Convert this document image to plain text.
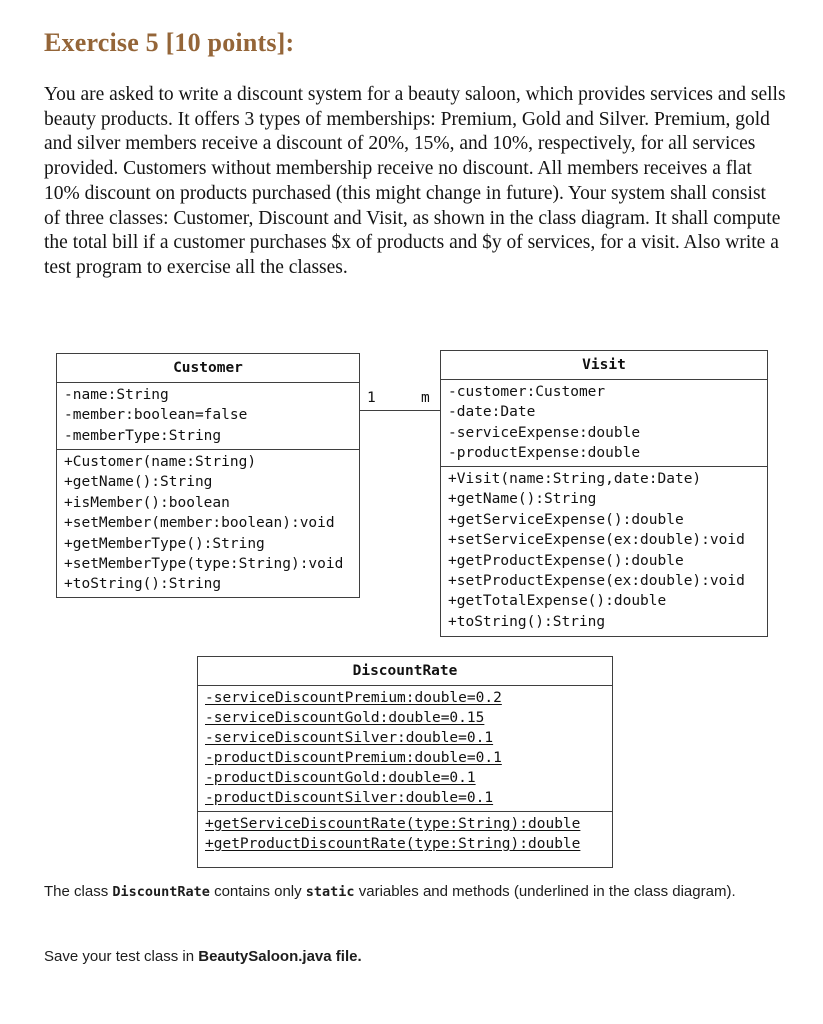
Exercise 5 [10 points]:
You are asked to write a discount system for a beauty saloon, which provides services and sells beauty products. It offers 3 types of memberships: Premium, Gold and Silver. Premium, gold and silver members receive a discount of 20%, 15%, and 10%, respectively, for all services provided. Customers without membership receive no discount. All members receives a flat 10% discount on products purchased (this might change in future). Your system shall consist of three classes: Customer, Discount and Visit, as shown in the class diagram. It shall compute the total bill if a customer purchases $x of products and $y of services, for a visit. Also write a test program to exercise all the classes.
Customer
-name:String
-member:boolean=false
-memberType:String
+Customer(name:String)
+getName():String
+isMember():boolean
+setMember(member:boolean):void
+getMemberType():String
+setMemberType(type:String):void
+toString():String
1	m
Visit
-customer:Customer
-date:Date
-serviceExpense:double
-productExpense:double
+Visit(name:String,date:Date)
+getName():String
+getServiceExpense():double
+setServiceExpense(ex:double):void
+getProductExpense():double
+setProductExpense(ex:double):void
+getTotalExpense():double
+toString():String
DiscountRate
-serviceDiscountPremium:double=0.2
-serviceDiscountGold:double=0.15
-serviceDiscountSilver:double=0.1
-productDiscountPremium:double=0.1
-productDiscountGold:double=0.1
-productDiscountSilver:double=0.1
+getServiceDiscountRate(type:String):double
+getProductDiscountRate(type:String):double
The class DiscountRate contains only static variables and methods (underlined in the class diagram).
Save your test class in BeautySaloon.java file.
